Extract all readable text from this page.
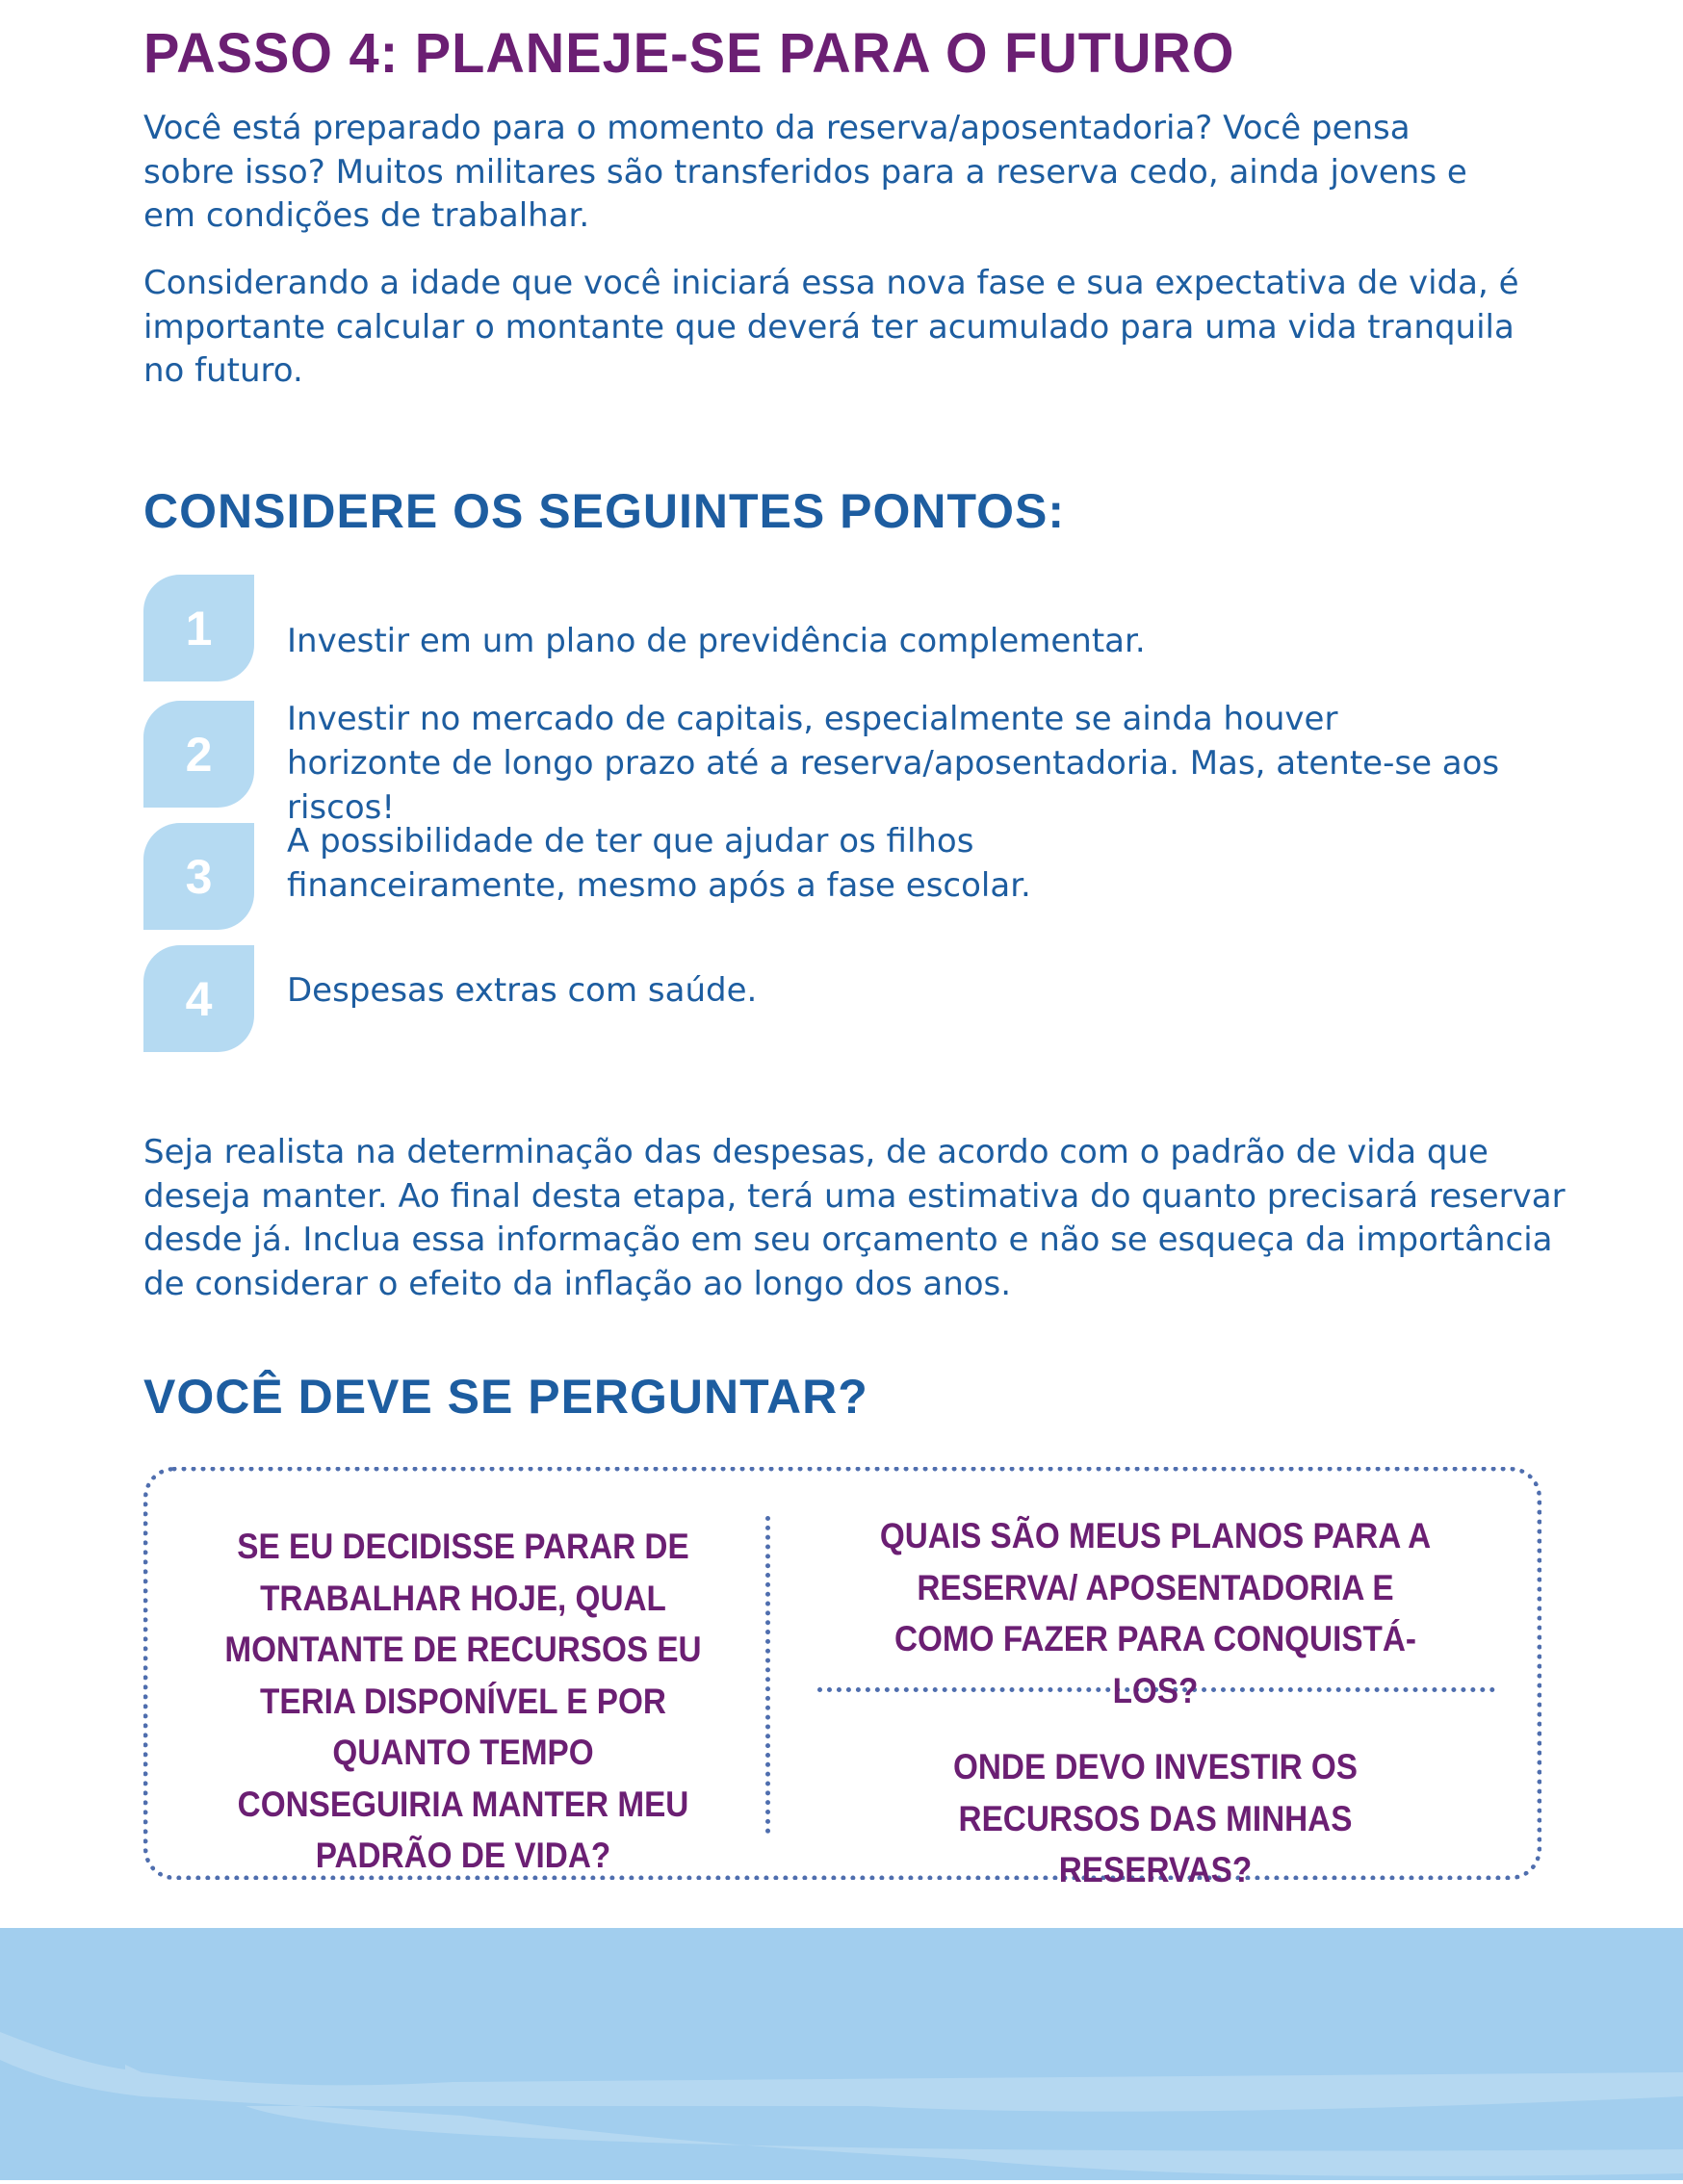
PASSO 4: PLANEJE-SE PARA O FUTURO
Você está preparado para o momento da reserva/aposentadoria? Você pensa sobre isso? Muitos militares são transferidos para a reserva cedo, ainda jovens e em condições de trabalhar.
Considerando a idade que você iniciará essa nova fase e sua expectativa de vida, é importante calcular o montante que deverá ter acumulado para uma vida tranquila no futuro.
CONSIDERE OS SEGUINTES PONTOS:
1	Investir em um plano de previdência complementar.
2
Investir no mercado de capitais, especialmente se ainda houver horizonte de longo prazo até a reserva/aposentadoria. Mas, atente-se aos riscos!
3
A possibilidade de ter que ajudar os filhos financeiramente, mesmo após a fase escolar.
4	Despesas extras com saúde.
Seja realista na determinação das despesas, de acordo com o padrão de vida que deseja manter. Ao final desta etapa, terá uma estimativa do quanto precisará reservar desde já. Inclua essa informação em seu orçamento e não se esqueça da importância de considerar o efeito da inflação ao longo dos anos.
VOCÊ DEVE SE PERGUNTAR?
SE EU DECIDISSE PARAR DE TRABALHAR HOJE, QUAL MONTANTE DE RECURSOS EU TERIA DISPONÍVEL E POR QUANTO TEMPO CONSEGUIRIA MANTER MEU PADRÃO DE VIDA?
QUAIS SÃO MEUS PLANOS PARA A RESERVA/ APOSENTADORIA E COMO FAZER PARA CONQUISTÁ-LOS?
ONDE DEVO INVESTIR OS RECURSOS DAS MINHAS RESERVAS?
